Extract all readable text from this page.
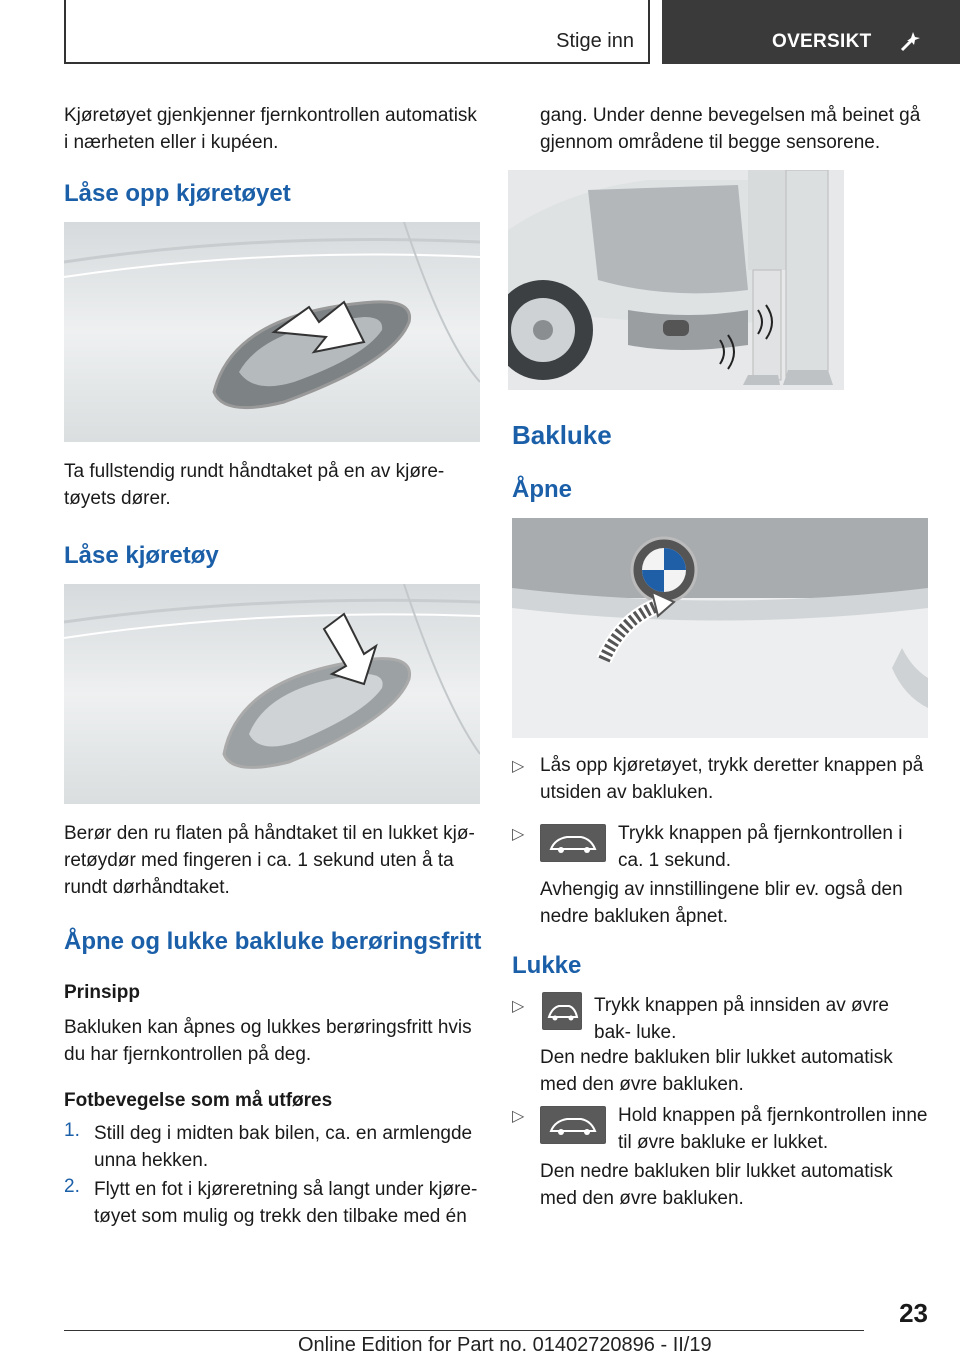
Stige inn	OVERSIKT

Kjøretøyet gjenkjenner fjernkontrollen automatisk i nærheten eller i kupéen.

Låse opp kjøretøyet

Ta fullstendig rundt håndtaket på en av kjøre- tøyets dører.

Låse kjøretøy

Berør den ru flaten på håndtaket til en lukket kjø- retøydør med fingeren i ca. 1 sekund uten å ta rundt dørhåndtaket.

Åpne og lukke bakluke berøringsfritt
Prinsipp

Bakluken kan åpnes og lukkes berøringsfritt hvis du har fjernkontrollen på deg.

Fotbevegelse som må utføres
1. Still deg i midten bak bilen, ca. en armlengde unna hekken.

2. Flytt en fot i kjøreretning så langt under kjøre- tøyet som mulig og trekk den tilbake med én

gang. Under denne bevegelsen må beinet gå gjennom områdene til begge sensorene.

Bakluke
Åpne
▷ Lås opp kjøretøyet, trykk deretter knappen på utsiden av bakluken.

▷	Trykk knappen på fjernkontrollen i ca. 1 sekund.

Avhengig av innstillingene blir ev. også den nedre bakluken åpnet.

Lukke
▷	Trykk knappen på innsiden av øvre bak- luke.

Den nedre bakluken blir lukket automatisk med den øvre bakluken.

▷	Hold knappen på fjernkontrollen inne til øvre bakluke er lukket.

Den nedre bakluken blir lukket automatisk med den øvre bakluken.

23
Online Edition for Part no. 01402720896 - II/19
